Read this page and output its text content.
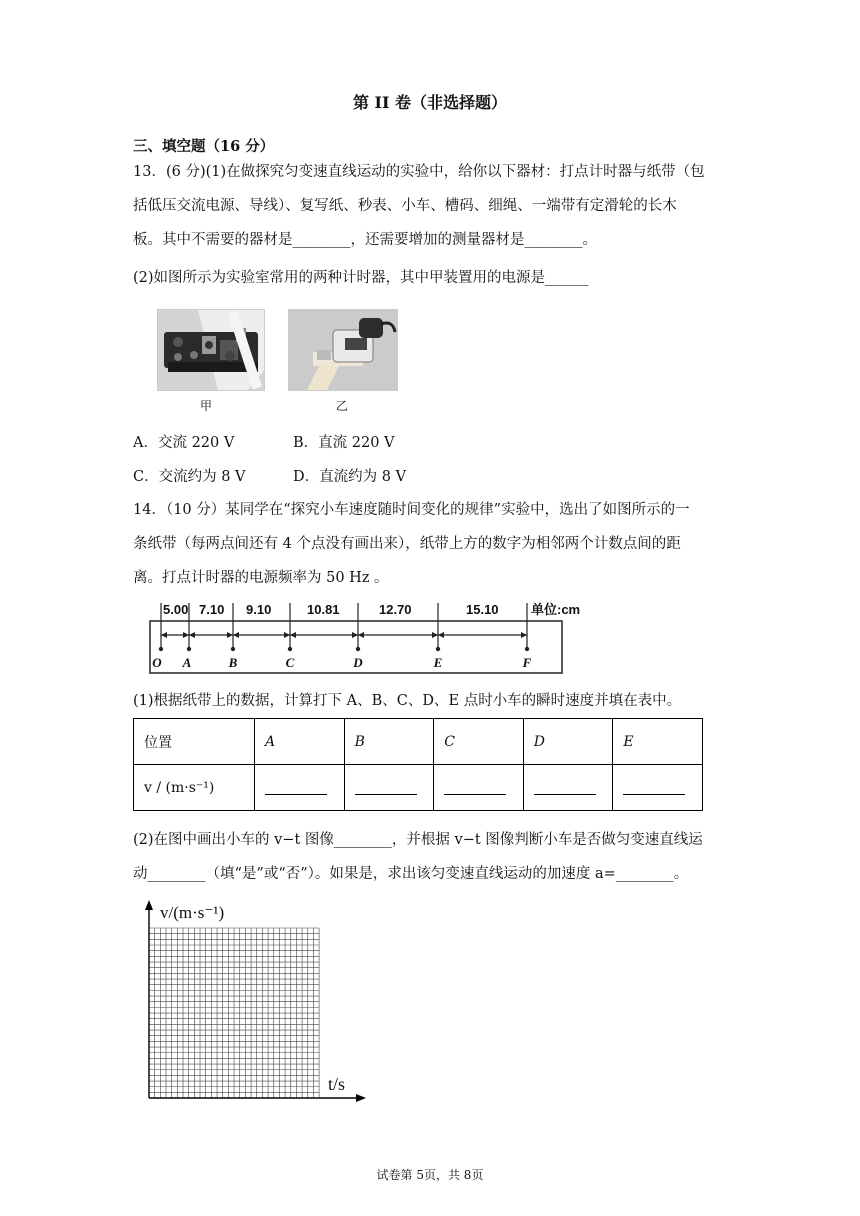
第 II 卷（非选择题）
三、填空题（16 分）
13．(6 分)(1)在做探究匀变速直线运动的实验中，给你以下器材：打点计时器与纸带（包
括低压交流电源、导线）、复写纸、秒表、小车、槽码、细绳、一端带有定滑轮的长木
板。其中不需要的器材是________，还需要增加的测量器材是________。
(2)如图所示为实验室常用的两种计时器，其中甲装置用的电源是______
甲	乙
A．交流 220 V	B．直流 220 V
C．交流约为 8 V	D．直流约为 8 V
14．（10 分）某同学在“探究小车速度随时间变化的规律”实验中，选出了如图所示的一
条纸带（每两点间还有 4 个点没有画出来），纸带上方的数字为相邻两个计数点间的距
离。打点计时器的电源频率为 50 Hz 。
5.00 7.10 9.10	10.81	12.70	15.10 单位:cm
O A	B	C	D	E	F
(1)根据纸带上的数据，计算打下 A、B、C、D、E 点时小车的瞬时速度并填在表中。
位置	A	B	C	D	E
v / (m·s⁻¹)					
(2)在图中画出小车的 v−t 图像________，并根据 v−t 图像判断小车是否做匀变速直线运
动________（填“是”或“否”）。如果是，求出该匀变速直线运动的加速度 a=________。
v/(m·s⁻¹)
t/s
试卷第 5页，共 8页
